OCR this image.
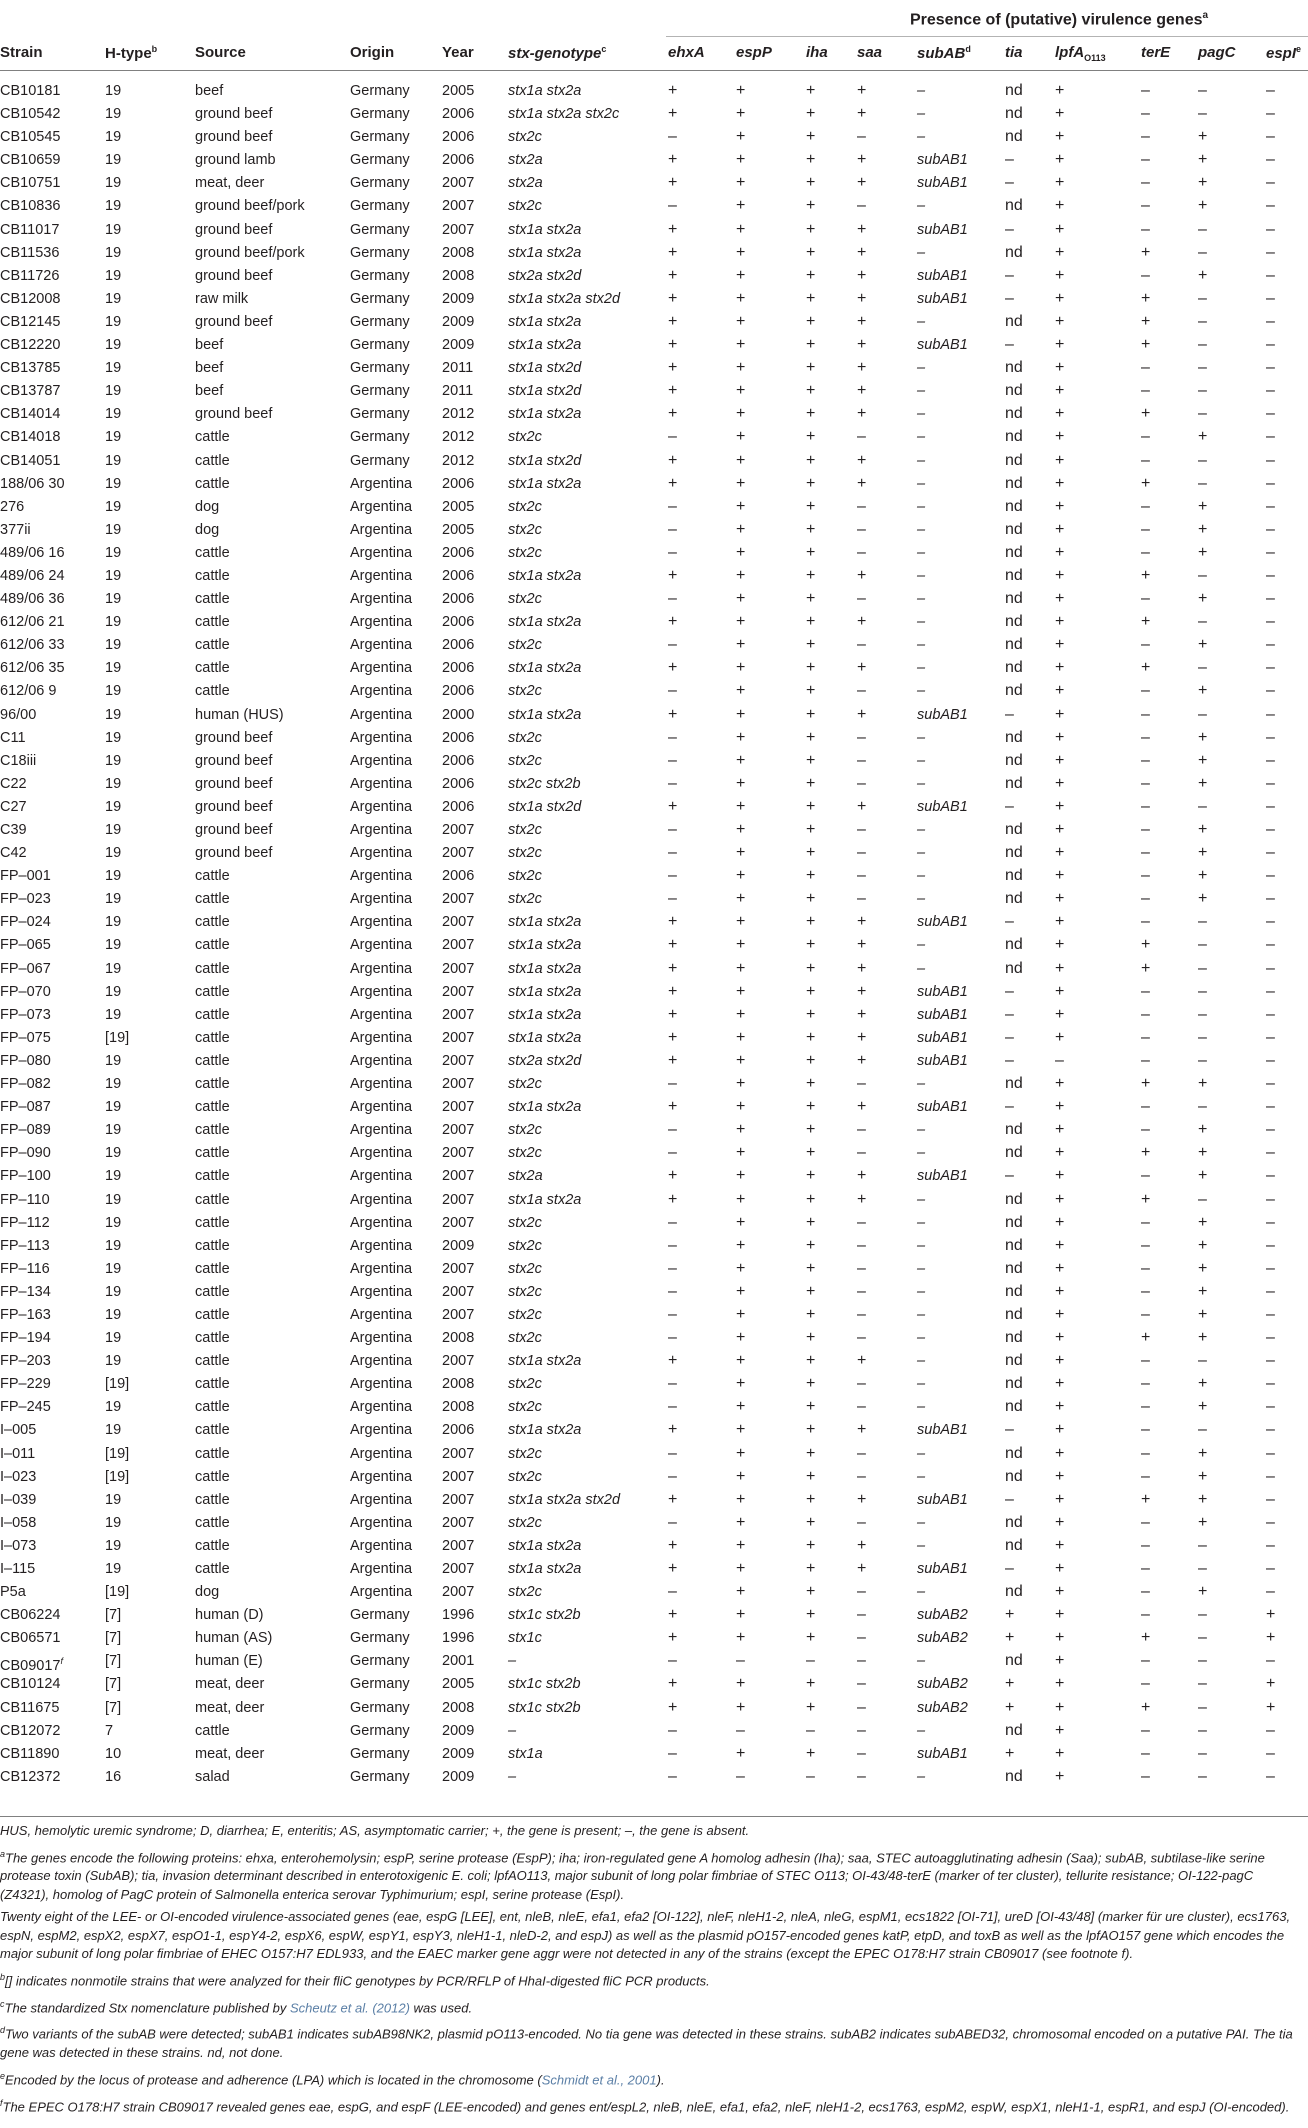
Presence of (putative) virulence genes$^a$
Strain	H-type$^b$	Source	Origin	Year stx-genotype$^c$	ehxA espP iha saa subAB$^d$ tia lpfA$_{O113}$ terE pagC espI$^e$
CB10181	19	beef	Germany 2005 stx1a stx2a	+	+	+	+	–	nd +	–	–	–
CB10542	19	ground beef	Germany 2006 stx1a stx2a stx2c	+	+	+	+	–	nd +	–	–	–
CB10545	19	ground beef	Germany 2006 stx2c	–	+	+	–	–	nd +	–	+	–
CB10659	19	ground lamb	Germany 2006 stx2a	+	+	+	+	subAB1 –	+	–	+	–
CB10751	19	meat, deer	Germany 2007 stx2a	+	+	+	+	subAB1 –	+	–	+	–
CB10836	19	ground beef/pork	Germany 2007 stx2c	–	+	+	–	–	nd +	–	+	–
CB11017	19	ground beef	Germany 2007 stx1a stx2a	+	+	+	+	subAB1 –	+	–	–	–
CB11536	19	ground beef/pork	Germany 2008 stx1a stx2a	+	+	+	+	–	nd +	+	–	–
CB11726	19	ground beef	Germany 2008 stx2a stx2d	+	+	+	+	subAB1 –	+	–	+	–
CB12008	19	raw milk	Germany 2009 stx1a stx2a stx2d	+	+	+	+	subAB1 –	+	+	–	–
CB12145	19	ground beef	Germany 2009 stx1a stx2a	+	+	+	+	–	nd +	+	–	–
CB12220	19	beef	Germany 2009 stx1a stx2a	+	+	+	+	subAB1 –	+	+	–	–
CB13785	19	beef	Germany 2011 stx1a stx2d	+	+	+	+	–	nd +	–	–	–
CB13787	19	beef	Germany 2011 stx1a stx2d	+	+	+	+	–	nd +	–	–	–
CB14014	19	ground beef	Germany 2012 stx1a stx2a	+	+	+	+	–	nd +	+	–	–
CB14018	19	cattle	Germany 2012 stx2c	–	+	+	–	–	nd +	–	+	–
CB14051	19	cattle	Germany 2012 stx1a stx2d	+	+	+	+	–	nd +	–	–	–
188/06 30	19	cattle	Argentina 2006 stx1a stx2a	+	+	+	+	–	nd +	+	–	–
276	19	dog	Argentina 2005 stx2c	–	+	+	–	–	nd +	–	+	–
377ii	19	dog	Argentina 2005 stx2c	–	+	+	–	–	nd +	–	+	–
489/06 16	19	cattle	Argentina 2006 stx2c	–	+	+	–	–	nd +	–	+	–
489/06 24	19	cattle	Argentina 2006 stx1a stx2a	+	+	+	+	–	nd +	+	–	–
489/06 36	19	cattle	Argentina 2006 stx2c	–	+	+	–	–	nd +	–	+	–
612/06 21	19	cattle	Argentina 2006 stx1a stx2a	+	+	+	+	–	nd +	+	–	–
612/06 33	19	cattle	Argentina 2006 stx2c	–	+	+	–	–	nd +	–	+	–
612/06 35	19	cattle	Argentina 2006 stx1a stx2a	+	+	+	+	–	nd +	+	–	–
612/06 9	19	cattle	Argentina 2006 stx2c	–	+	+	–	–	nd +	–	+	–
96/00	19	human (HUS)	Argentina 2000 stx1a stx2a	+	+	+	+	subAB1 –	+	–	–	–
C11	19	ground beef	Argentina 2006 stx2c	–	+	+	–	–	nd +	–	+	–
C18iii	19	ground beef	Argentina 2006 stx2c	–	+	+	–	–	nd +	–	+	–
C22	19	ground beef	Argentina 2006 stx2c stx2b	–	+	+	–	–	nd +	–	+	–
C27	19	ground beef	Argentina 2006 stx1a stx2d	+	+	+	+	subAB1 –	+	–	–	–
C39	19	ground beef	Argentina 2007 stx2c	–	+	+	–	–	nd +	–	+	–
C42	19	ground beef	Argentina 2007 stx2c	–	+	+	–	–	nd +	–	+	–
FP–001	19	cattle	Argentina 2006 stx2c	–	+	+	–	–	nd +	–	+	–
FP–023	19	cattle	Argentina 2007 stx2c	–	+	+	–	–	nd +	–	+	–
FP–024	19	cattle	Argentina 2007 stx1a stx2a	+	+	+	+	subAB1 –	+	–	–	–
FP–065	19	cattle	Argentina 2007 stx1a stx2a	+	+	+	+	–	nd +	+	–	–
FP–067	19	cattle	Argentina 2007 stx1a stx2a	+	+	+	+	–	nd +	+	–	–
FP–070	19	cattle	Argentina 2007 stx1a stx2a	+	+	+	+	subAB1 –	+	–	–	–
FP–073	19	cattle	Argentina 2007 stx1a stx2a	+	+	+	+	subAB1 –	+	–	–	–
FP–075	[19]	cattle	Argentina 2007 stx1a stx2a	+	+	+	+	subAB1 –	+	–	–	–
FP–080	19	cattle	Argentina 2007 stx2a stx2d	+	+	+	+	subAB1 –	–	–	–	–
FP–082	19	cattle	Argentina 2007 stx2c	–	+	+	–	–	nd +	+	+	–
FP–087	19	cattle	Argentina 2007 stx1a stx2a	+	+	+	+	subAB1 –	+	–	–	–
FP–089	19	cattle	Argentina 2007 stx2c	–	+	+	–	–	nd +	–	+	–
FP–090	19	cattle	Argentina 2007 stx2c	–	+	+	–	–	nd +	+	+	–
FP–100	19	cattle	Argentina 2007 stx2a	+	+	+	+	subAB1 –	+	–	+	–
FP–110	19	cattle	Argentina 2007 stx1a stx2a	+	+	+	+	–	nd +	+	–	–
FP–112	19	cattle	Argentina 2007 stx2c	–	+	+	–	–	nd +	–	+	–
FP–113	19	cattle	Argentina 2009 stx2c	–	+	+	–	–	nd +	–	+	–
FP–116	19	cattle	Argentina 2007 stx2c	–	+	+	–	–	nd +	–	+	–
FP–134	19	cattle	Argentina 2007 stx2c	–	+	+	–	–	nd +	–	+	–
FP–163	19	cattle	Argentina 2007 stx2c	–	+	+	–	–	nd +	–	+	–
FP–194	19	cattle	Argentina 2008 stx2c	–	+	+	–	–	nd +	+	+	–
FP–203	19	cattle	Argentina 2007 stx1a stx2a	+	+	+	+	–	nd +	–	–	–
FP–229	[19]	cattle	Argentina 2008 stx2c	–	+	+	–	–	nd +	–	+	–
FP–245	19	cattle	Argentina 2008 stx2c	–	+	+	–	–	nd +	–	+	–
I–005	19	cattle	Argentina 2006 stx1a stx2a	+	+	+	+	subAB1 –	+	–	–	–
I–011	[19]	cattle	Argentina 2007 stx2c	–	+	+	–	–	nd +	–	+	–
I–023	[19]	cattle	Argentina 2007 stx2c	–	+	+	–	–	nd +	–	+	–
I–039	19	cattle	Argentina 2007 stx1a stx2a stx2d	+	+	+	+	subAB1 –	+	+	+	–
I–058	19	cattle	Argentina 2007 stx2c	–	+	+	–	–	nd +	–	+	–
I–073	19	cattle	Argentina 2007 stx1a stx2a	+	+	+	+	–	nd +	–	–	–
I–115	19	cattle	Argentina 2007 stx1a stx2a	+	+	+	+	subAB1 –	+	–	–	–
P5a	[19]	dog	Argentina 2007 stx2c	–	+	+	–	–	nd +	–	+	–
CB06224	[7]	human (D)	Germany 1996 stx1c stx2b	+	+	+	–	subAB2 +	+	–	–	+
CB06571	[7]	human (AS)	Germany 1996 stx1c	+	+	+	–	subAB2 +	+	+	–	+
$CB09017^f$	[7]	human (E)	Germany 2001 –	–	–	–	–	–	nd +	–	–	–
CB10124	[7]	meat, deer	Germany 2005 stx1c stx2b	+	+	+	–	subAB2 +	+	–	–	+
CB11675	[7]	meat, deer	Germany 2008 stx1c stx2b	+	+	+	–	subAB2 +	+	+	–	+
CB12072	7	cattle	Germany 2009 –	–	–	–	–	–	nd +	–	–	–
CB11890	10	meat, deer	Germany 2009 stx1a	–	+	+	–	subAB1 +	+	–	–	–
CB12372	16	salad	Germany 2009 –	–	–	–	–	–	nd +	–	–	–

HUS, hemolytic uremic syndrome; D, diarrhea; E, enteritis; AS, asymptomatic carrier; +, the gene is present; –, the gene is absent.

$^a$The genes encode the following proteins: ehxa, enterohemolysin; espP, serine protease (EspP); iha; iron-regulated gene A homolog adhesin (Iha); saa, STEC autoagglutinating adhesin (Saa); subAB, subtilase-like serine protease toxin (SubAB); tia, invasion determinant described in enterotoxigenic E. coli; lpfAO113, major subunit of long polar fimbriae of STEC O113; OI-43/48-terE (marker of ter cluster), tellurite resistance; OI-122-pagC (Z4321), homolog of PagC protein of Salmonella enterica serovar Typhimurium; espI, serine protease (EspI).

Twenty eight of the LEE- or OI-encoded virulence-associated genes (eae, espG [LEE], ent, nleB, nleE, efa1, efa2 [OI-122], nleF, nleH1-2, nleA, nleG, espM1, ecs1822 [OI-71], ureD [OI-43/48] (marker für ure cluster), ecs1763, espN, espM2, espX2, espX7, espO1-1, espY4-2, espX6, espW, espY1, espY3, nleH1-1, nleD-2, and espJ) as well as the plasmid pO157-encoded genes katP, etpD, and toxB as well as the lpfAO157 gene which encodes the major subunit of long polar fimbriae of EHEC O157:H7 EDL933, and the EAEC marker gene aggr were not detected in any of the strains (except the EPEC O178:H7 strain CB09017 (see footnote f).

$^b$[] indicates nonmotile strains that were analyzed for their fliC genotypes by PCR/RFLP of HhaI-digested fliC PCR products.

$^c$The standardized Stx nomenclature published by Scheutz et al. (2012) was used.

$^d$Two variants of the subAB were detected; subAB1 indicates subAB98NK2, plasmid pO113-encoded. No tia gene was detected in these strains. subAB2 indicates subABED32, chromosomal encoded on a putative PAI. The tia gene was detected in these strains. nd, not done.

$^e$Encoded by the locus of protease and adherence (LPA) which is located in the chromosome (Schmidt et al., 2001).

$^f$The EPEC O178:H7 strain CB09017 revealed genes eae, espG, and espF (LEE-encoded) and genes ent/espL2, nleB, nleE, efa1, efa2, nleF, nleH1-2, ecs1763, espM2, espW, espX1, nleH1-1, espR1, and espJ (OI-encoded).
